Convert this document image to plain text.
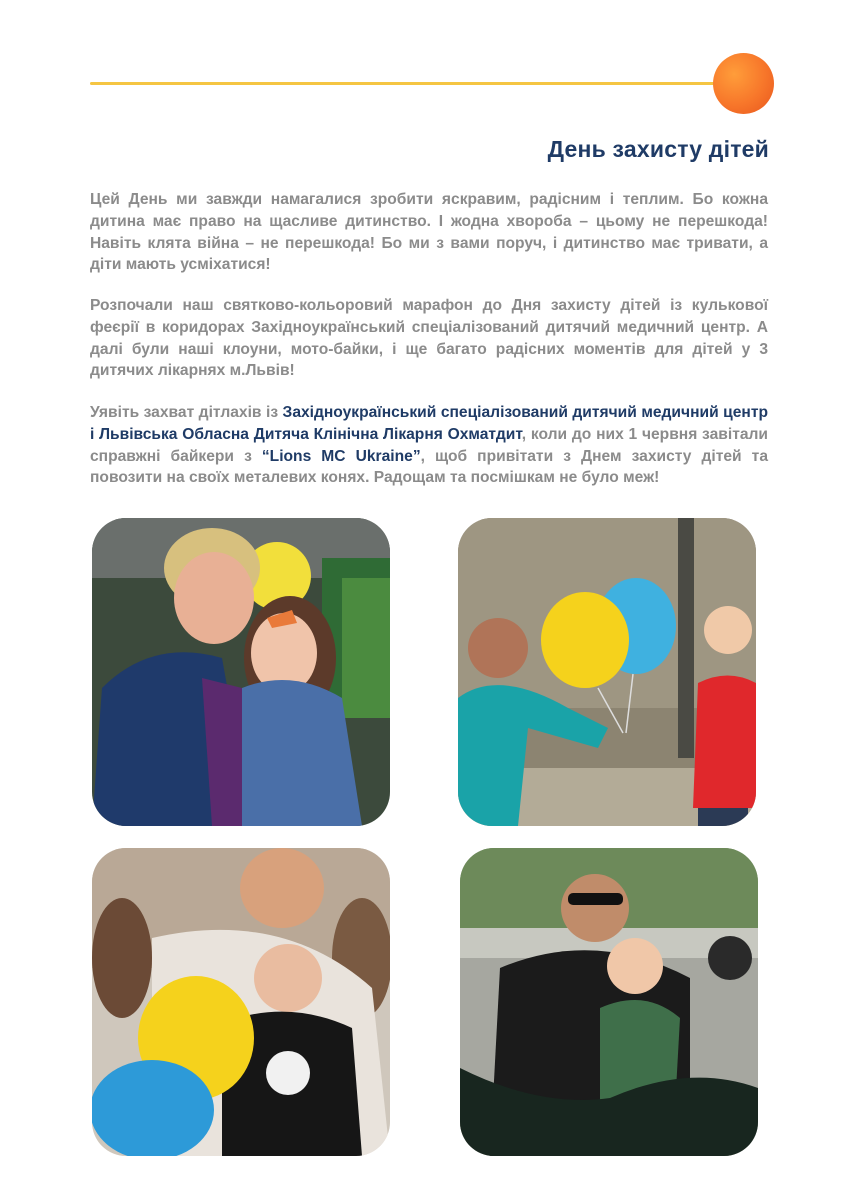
День захисту дітей

Цей День ми завжди намагалися зробити яскравим, радісним і теплим. Бо кожна дитина має право на щасливе дитинство. І жодна хвороба – цьому не перешкода! Навіть клята війна – не перешкода! Бо ми з вами поруч, і дитинство має тривати, а діти мають усміхатися!

Розпочали наш святково-кольоровий марафон до Дня захисту дітей із кулькової феєрії в коридорах Західноукраїнський спеціалізований дитячий медичний центр. А далі були наші клоуни, мото-байки, і ще багато радісних моментів для дітей у 3 дитячих лікарнях м.Львів!

Уявіть захват дітлахів із Західноукраїнський спеціалізований дитячий медичний центр і Львівська Обласна Дитяча Клінічна Лікарня Охматдит, коли до них 1 червня завітали справжні байкери з “Lions MC Ukraine”, щоб привітати з Днем захисту дітей та повозити на своїх металевих конях. Радощам та посмішкам не було меж!
